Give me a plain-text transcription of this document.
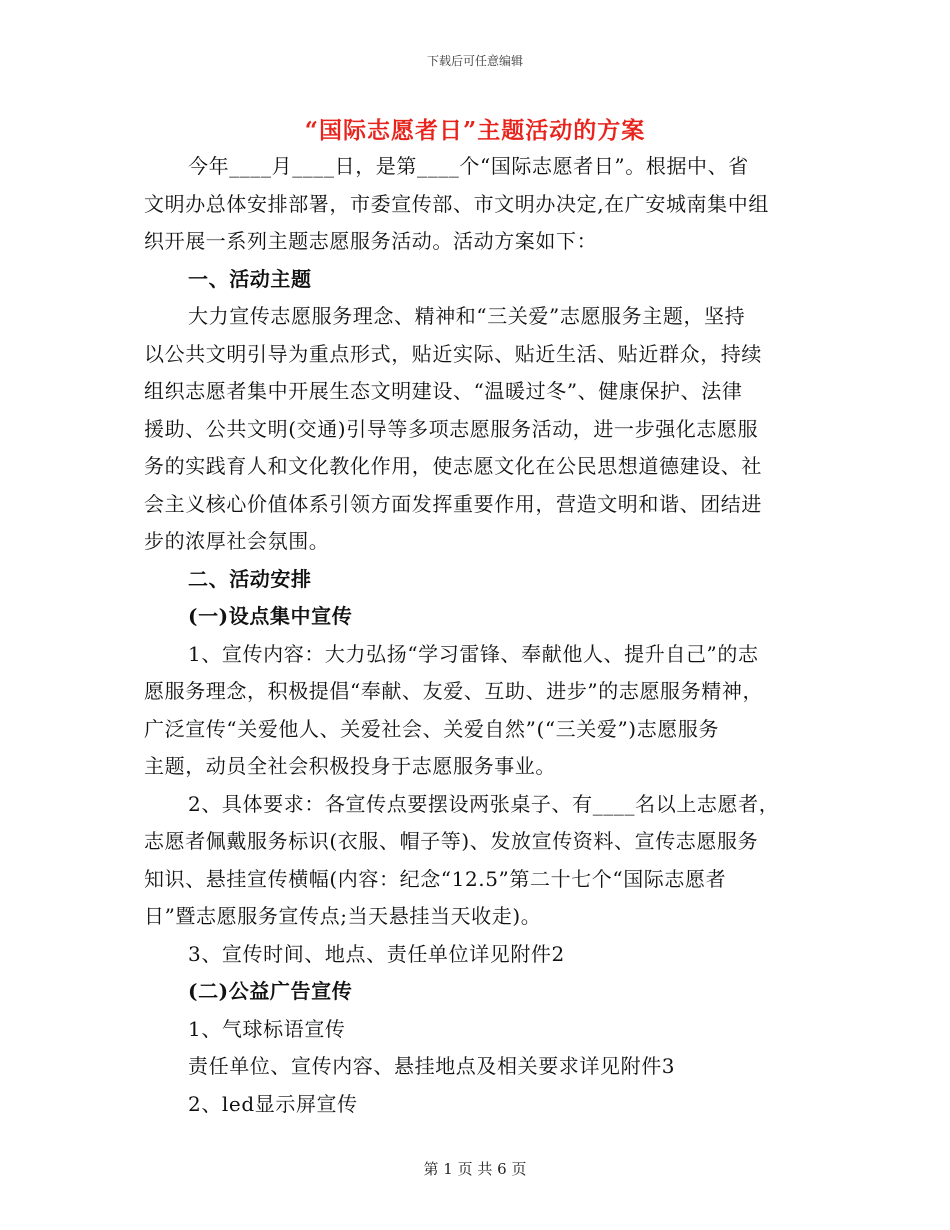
下载后可任意编辑
“国际志愿者日”主题活动的方案
今年____月____日，是第____个“国际志愿者日”。根据中、省
文明办总体安排部署，市委宣传部、市文明办决定,在广安城南集中组
织开展一系列主题志愿服务活动。活动方案如下：
一、活动主题
大力宣传志愿服务理念、精神和“三关爱”志愿服务主题，坚持
以公共文明引导为重点形式，贴近实际、贴近生活、贴近群众，持续
组织志愿者集中开展生态文明建设、“温暖过冬”、健康保护、法律
援助、公共文明(交通)引导等多项志愿服务活动，进一步强化志愿服
务的实践育人和文化教化作用，使志愿文化在公民思想道德建设、社
会主义核心价值体系引领方面发挥重要作用，营造文明和谐、团结进
步的浓厚社会氛围。
二、活动安排
(一)设点集中宣传
1、宣传内容：大力弘扬“学习雷锋、奉献他人、提升自己”的志
愿服务理念，积极提倡“奉献、友爱、互助、进步”的志愿服务精神，
广泛宣传“关爱他人、关爱社会、关爱自然”(“三关爱”)志愿服务
主题，动员全社会积极投身于志愿服务事业。
2、具体要求：各宣传点要摆设两张桌子、有____名以上志愿者，
志愿者佩戴服务标识(衣服、帽子等)、发放宣传资料、宣传志愿服务
知识、悬挂宣传横幅(内容：纪念“12.5”第二十七个“国际志愿者
日”暨志愿服务宣传点;当天悬挂当天收走)。
3、宣传时间、地点、责任单位详见附件2
(二)公益广告宣传
1、气球标语宣传
责任单位、宣传内容、悬挂地点及相关要求详见附件3
2、led显示屏宣传
第 1 页 共 6 页
